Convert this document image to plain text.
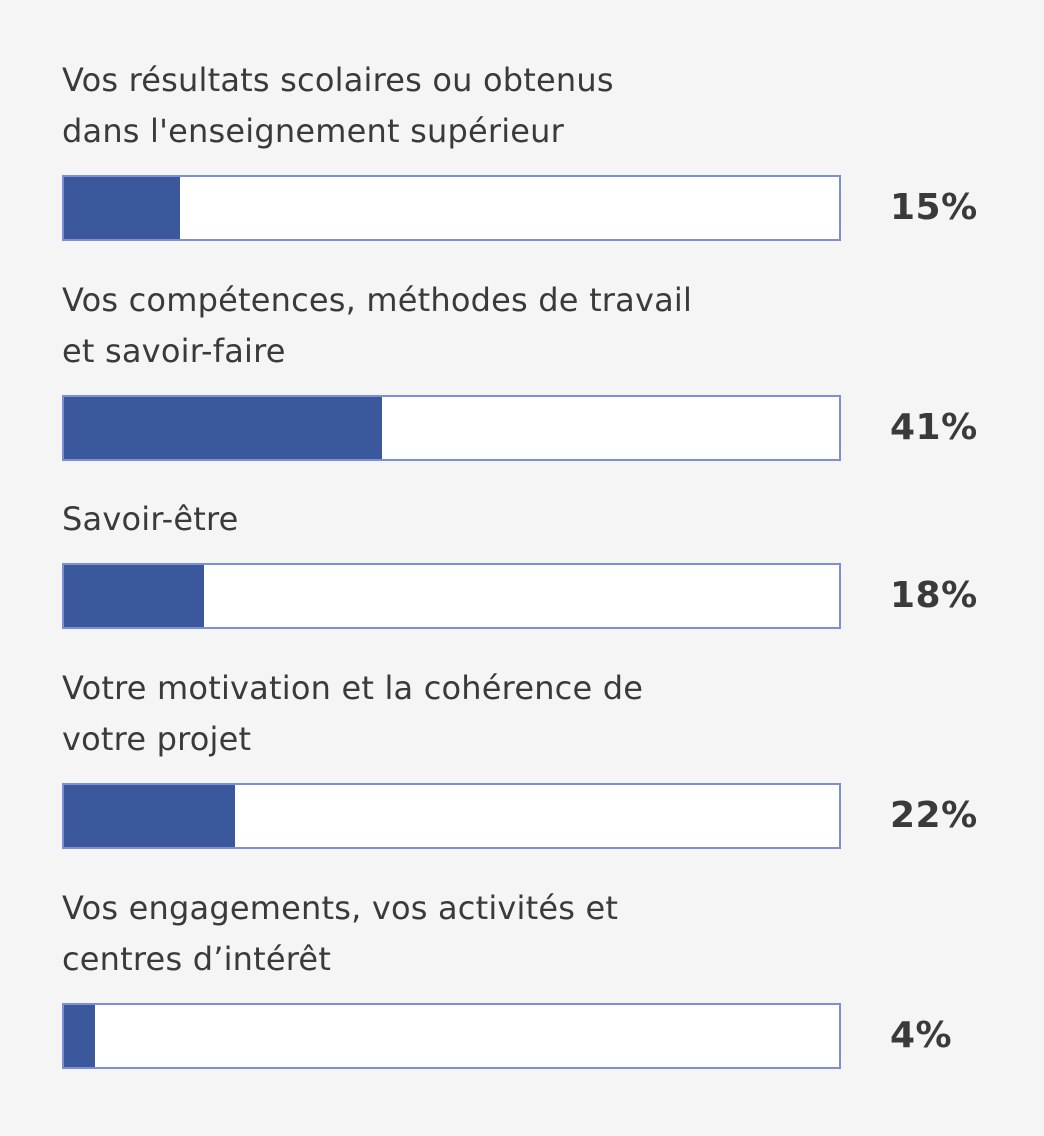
Vos résultats scolaires ou obtenus
dans l'enseignement supérieur
15%
Vos compétences, méthodes de travail
et savoir-faire
41%
Savoir-être
18%
Votre motivation et la cohérence de
votre projet
22%
Vos engagements, vos activités et
centres d’intérêt
4%
